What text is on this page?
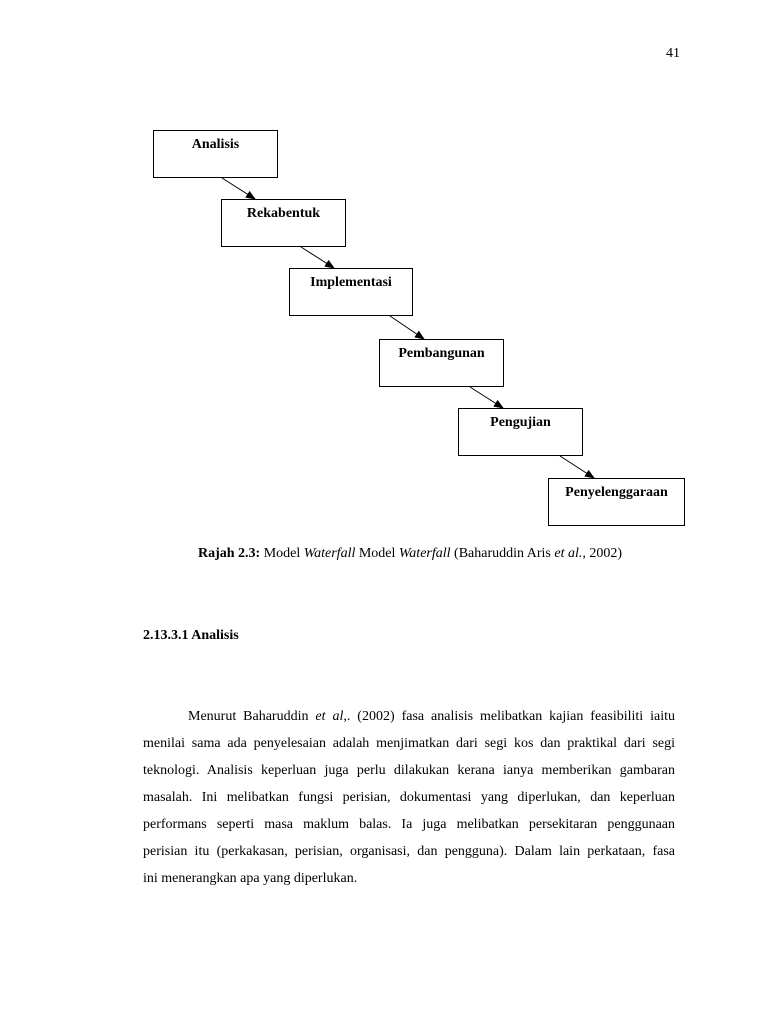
41
Analisis
Rekabentuk
Implementasi
Pembangunan
Pengujian
Penyelenggaraan
Rajah 2.3: Model Waterfall Model Waterfall (Baharuddin Aris et al., 2002)
2.13.3.1 Analisis
Menurut Baharuddin et al,. (2002) fasa analisis melibatkan kajian feasibiliti iaitu
menilai sama ada penyelesaian adalah menjimatkan dari segi kos dan praktikal dari segi
teknologi. Analisis keperluan juga perlu dilakukan kerana ianya memberikan gambaran
masalah. Ini melibatkan fungsi perisian, dokumentasi yang diperlukan, dan keperluan
performans seperti masa maklum balas. Ia juga melibatkan persekitaran penggunaan
perisian itu (perkakasan, perisian, organisasi, dan pengguna). Dalam lain perkataan, fasa
ini menerangkan apa yang diperlukan.
